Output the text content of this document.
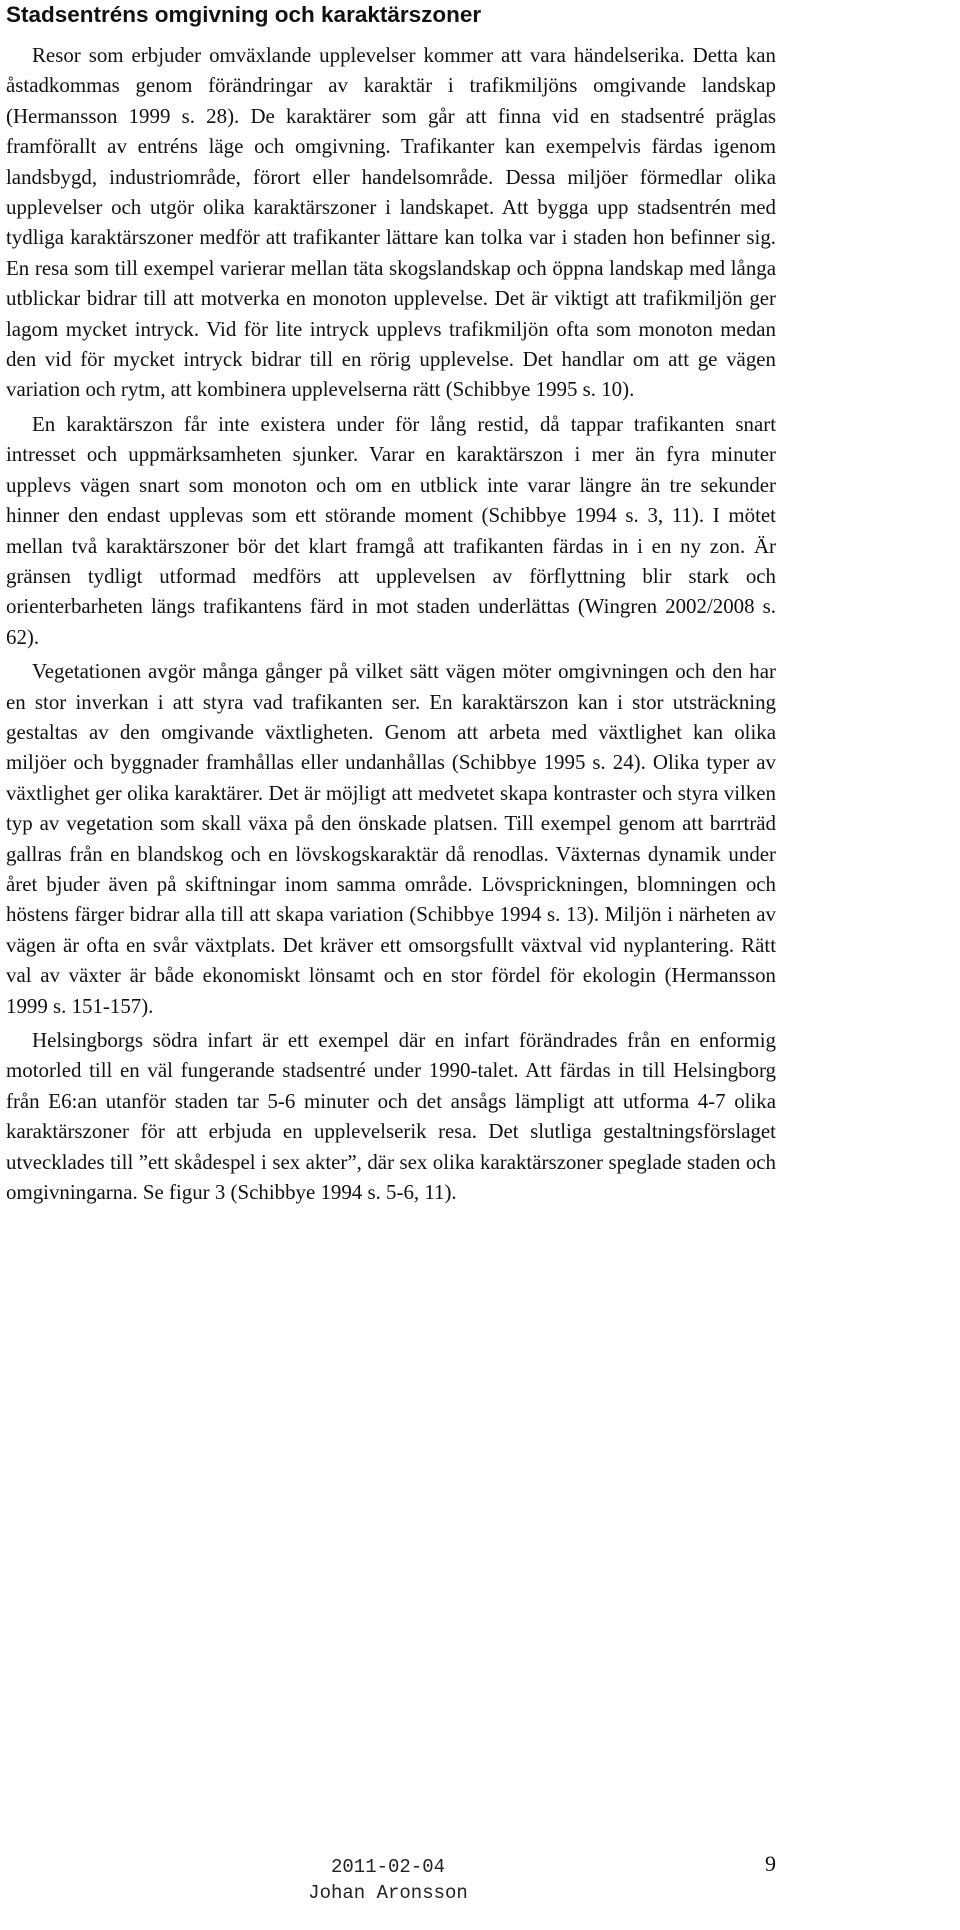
Stadsentréns omgivning och karaktärszoner

Resor som erbjuder omväxlande upplevelser kommer att vara händelserika. Detta kan åstadkommas genom förändringar av karaktär i trafikmiljöns omgivande landskap (Hermansson 1999 s. 28). De karaktärer som går att finna vid en stadsentré präglas framförallt av entréns läge och omgivning. Trafikanter kan exempelvis färdas igenom landsbygd, industriområde, förort eller handelsområde. Dessa miljöer förmedlar olika upplevelser och utgör olika karaktärszoner i landskapet. Att bygga upp stadsentrén med tydliga karaktärszoner medför att trafikanter lättare kan tolka var i staden hon befinner sig. En resa som till exempel varierar mellan täta skogslandskap och öppna landskap med långa utblickar bidrar till att motverka en monoton upplevelse. Det är viktigt att trafikmiljön ger lagom mycket intryck. Vid för lite intryck upplevs trafikmiljön ofta som monoton medan den vid för mycket intryck bidrar till en rörig upplevelse. Det handlar om att ge vägen variation och rytm, att kombinera upplevelserna rätt (Schibbye 1995 s. 10).

En karaktärszon får inte existera under för lång restid, då tappar trafikanten snart intresset och uppmärksamheten sjunker. Varar en karaktärszon i mer än fyra minuter upplevs vägen snart som monoton och om en utblick inte varar längre än tre sekunder hinner den endast upplevas som ett störande moment (Schibbye 1994 s. 3, 11). I mötet mellan två karaktärszoner bör det klart framgå att trafikanten färdas in i en ny zon. Är gränsen tydligt utformad medförs att upplevelsen av förflyttning blir stark och orienterbarheten längs trafikantens färd in mot staden underlättas (Wingren 2002/2008 s. 62).

Vegetationen avgör många gånger på vilket sätt vägen möter omgivningen och den har en stor inverkan i att styra vad trafikanten ser. En karaktärszon kan i stor utsträckning gestaltas av den omgivande växtligheten. Genom att arbeta med växtlighet kan olika miljöer och byggnader framhållas eller undanhållas (Schibbye 1995 s. 24). Olika typer av växtlighet ger olika karaktärer. Det är möjligt att medvetet skapa kontraster och styra vilken typ av vegetation som skall växa på den önskade platsen. Till exempel genom att barrträd gallras från en blandskog och en lövskogskaraktär då renodlas. Växternas dynamik under året bjuder även på skiftningar inom samma område. Lövsprickningen, blomningen och höstens färger bidrar alla till att skapa variation (Schibbye 1994 s. 13). Miljön i närheten av vägen är ofta en svår växtplats. Det kräver ett omsorgsfullt växtval vid nyplantering. Rätt val av växter är både ekonomiskt lönsamt och en stor fördel för ekologin (Hermansson 1999 s. 151-157).

Helsingborgs södra infart är ett exempel där en infart förändrades från en enformig motorled till en väl fungerande stadsentré under 1990-talet. Att färdas in till Helsingborg från E6:an utanför staden tar 5-6 minuter och det ansågs lämpligt att utforma 4-7 olika karaktärszoner för att erbjuda en upplevelserik resa. Det slutliga gestaltningsförslaget utvecklades till ”ett skådespel i sex akter”, där sex olika karaktärszoner speglade staden och omgivningarna. Se figur 3 (Schibbye 1994 s. 5-6, 11).

2011-02-04
Johan Aronsson
9
